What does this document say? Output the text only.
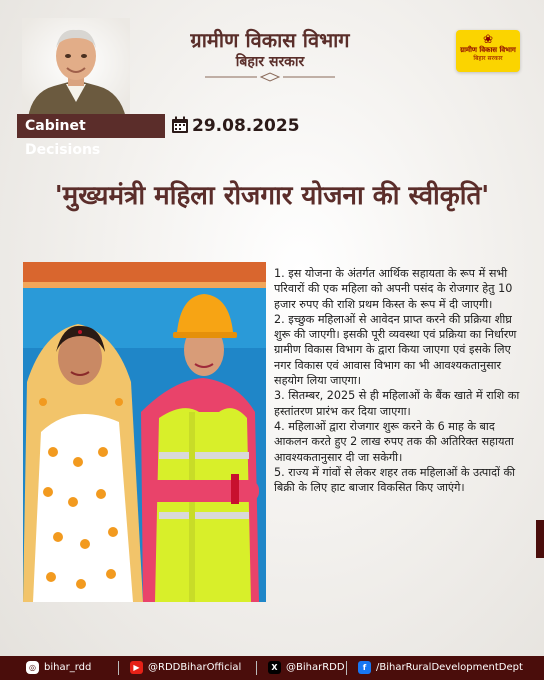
ग्रामीण विकास विभाग
बिहार सरकार
❀
ग्रामीण विकास विभाग
बिहार सरकार
Cabinet Decisions
29.08.2025
'मुख्यमंत्री महिला रोजगार योजना की स्वीकृति'

1. इस योजना के अंतर्गत आर्थिक सहायता के रूप में सभी परिवारों की एक महिला को अपनी पसंद के रोजगार हेतु 10 हजार रुपए की राशि प्रथम किस्त के रूप में दी जाएगी।

2. इच्छुक महिलाओं से आवेदन प्राप्त करने की प्रक्रिया शीघ्र शुरू की जाएगी। इसकी पूरी व्यवस्था एवं प्रक्रिया का निर्धारण ग्रामीण विकास विभाग के द्वारा किया जाएगा एवं इसके लिए नगर विकास एवं आवास विभाग का भी आवश्यकतानुसार सहयोग लिया जाएगा।

3. सितम्बर, 2025 से ही महिलाओं के बैंक खाते में राशि का हस्तांतरण प्रारंभ कर दिया जाएगा।

4. महिलाओं द्वारा रोजगार शुरू करने के 6 माह के बाद आकलन करते हुए 2 लाख रुपए तक की अतिरिक्त सहायता आवश्यकतानुसार दी जा सकेगी।

5. राज्य में गांवों से लेकर शहर तक महिलाओं के उत्पादों की बिक्री के लिए हाट बाजार विकसित किए जाएंगे।

◎ bihar_rdd	▶ @RDDBiharOfficial	X @BiharRDD	f /BiharRuralDevelopmentDept
